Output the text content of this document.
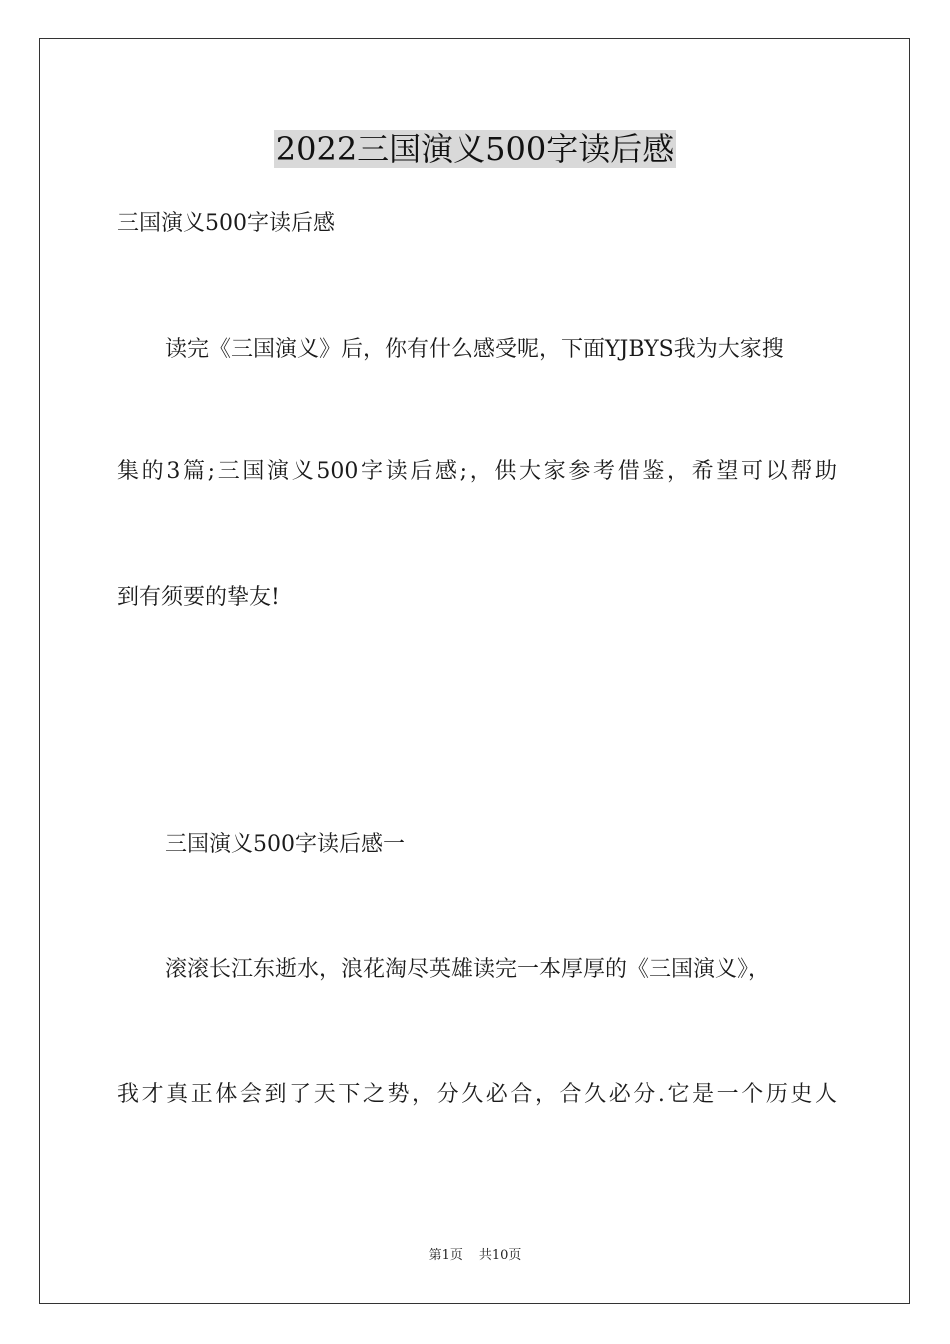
2022三国演义500字读后感
三国演义500字读后感
读完《三国演义》后，你有什么感受呢，下面YJBYS我为大家搜
集的3篇;三国演义500字读后感;，供大家参考借鉴，希望可以帮助
到有须要的挚友!
三国演义500字读后感一
滚滚长江东逝水，浪花淘尽英雄读完一本厚厚的《三国演义》，
我才真正体会到了天下之势，分久必合，合久必分.它是一个历史人
第1页 共10页
